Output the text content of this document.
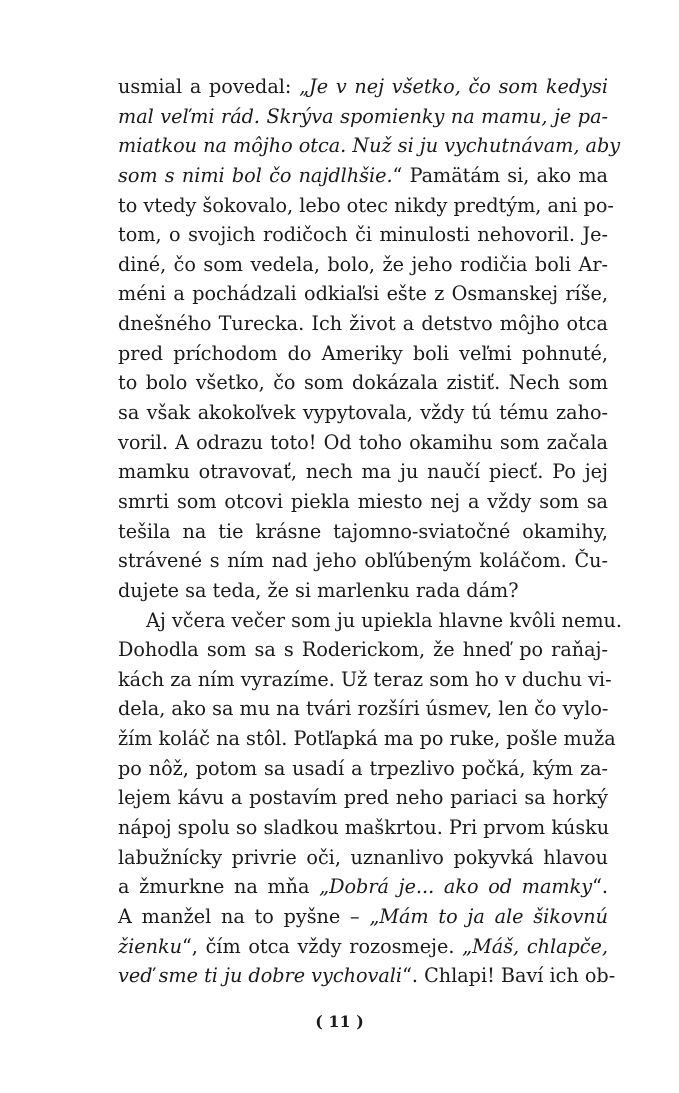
usmial a povedal: „Je v nej všetko, čo som kedysi
mal veľmi rád. Skrýva spomienky na mamu, je pa-
miatkou na môjho otca. Nuž si ju vychutnávam, aby
som s nimi bol čo najdlhšie.“ Pamätám si, ako ma
to vtedy šokovalo, lebo otec nikdy predtým, ani po-
tom, o svojich rodičoch či minulosti nehovoril. Je-
diné, čo som vedela, bolo, že jeho rodičia boli Ar-
méni a pochádzali odkiaľsi ešte z Osmanskej ríše,
dnešného Turecka. Ich život a detstvo môjho otca
pred príchodom do Ameriky boli veľmi pohnuté,
to bolo všetko, čo som dokázala zistiť. Nech som
sa však akokoľvek vypytovala, vždy tú tému zaho-
voril. A odrazu toto! Od toho okamihu som začala
mamku otravovať, nech ma ju naučí piecť. Po jej
smrti som otcovi piekla miesto nej a vždy som sa
tešila na tie krásne tajomno-sviatočné okamihy,
strávené s ním nad jeho obľúbeným koláčom. Ču-
dujete sa teda, že si marlenku rada dám?
Aj včera večer som ju upiekla hlavne kvôli nemu.
Dohodla som sa s Roderickom, že hneď po raňaj-
kách za ním vyrazíme. Už teraz som ho v duchu vi-
dela, ako sa mu na tvári rozšíri úsmev, len čo vylo-
žím koláč na stôl. Potľapká ma po ruke, pošle muža
po nôž, potom sa usadí a trpezlivo počká, kým za-
lejem kávu a postavím pred neho pariaci sa horký
nápoj spolu so sladkou maškrtou. Pri prvom kúsku
labužnícky privrie oči, uznanlivo pokyvká hlavou
a žmurkne na mňa „Dobrá je... ako od mamky“.
A manžel na to pyšne – „Mám to ja ale šikovnú
žienku“, čím otca vždy rozosmeje. „Máš, chlapče,
veď sme ti ju dobre vychovali“. Chlapi! Baví ich ob-
( 11 )
